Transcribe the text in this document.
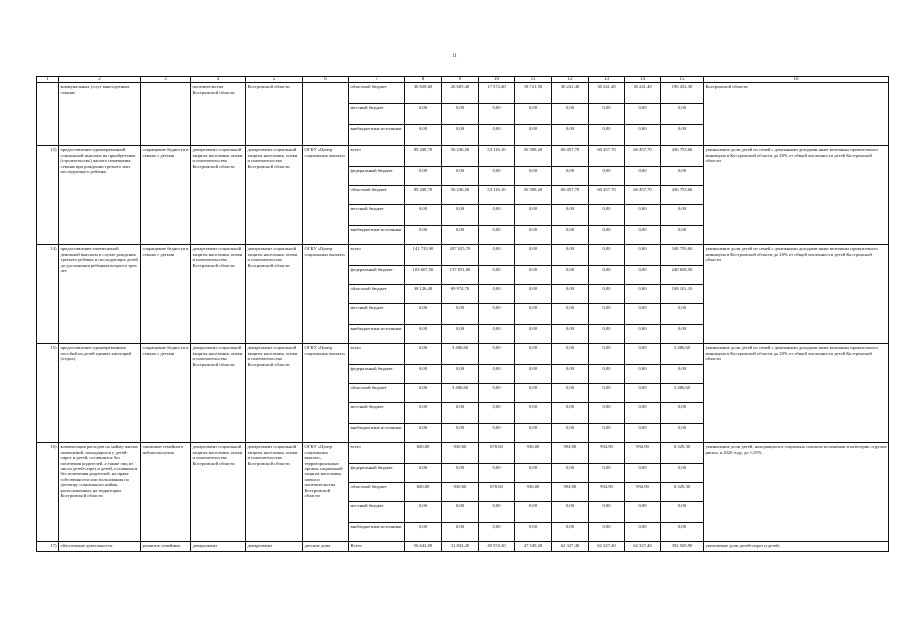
11
1	2	3	4	5	6	7	8	9	10	11	12	13	14	15	16
	коммунальных услуг многодетным семьям		попечительства Костромской области	Костромской области		областной бюджет	36 828,60	26 605,40	17 572,40	18 721,50	30 241,40	30 241,40	30 241,40	190 452,30	Костромской области
						местный бюджет	0,00	0,00	0,00	0,00	0,00	0,00	0,00	0,00	
						внебюджетные источники	0,00	0,00	0,00	0,00	0,00	0,00	0,00	0,00	
13)	предоставление единовременной социальной выплаты на приобретение (строительство) жилого помещения семьям при рождении третьего или последующего ребенка	сокращение бедности в семьях с детьми	департамент социальной защиты населения, опеки и попечительства Костромской области	департамент социальной защиты населения, опеки и попечительства Костромской области	ОГКУ «Центр социальных выплат»	всего	89 438,70	56 236,50	53 116,10	56 589,20	60 457,70	60 457,70	60 457,70	436 753,60	уменьшение доли детей из семей с денежными доходами ниже величины прожиточного минимума в Костромской области до 20% от общей численности детей Костромской области
						федеральный бюджет	0,00	0,00	0,00	0,00	0,00	0,00	0,00	0,00	
						областной бюджет	89 438,70	56 236,50	53 116,10	56 589,20	60 457,70	60 457,70	60 457,70	436 753,60	
						местный бюджет	0,00	0,00	0,00	0,00	0,00	0,00	0,00	0,00	
						внебюджетные источники	0,00	0,00	0,00	0,00	0,00	0,00	0,00	0,00	
14)	предоставление ежемесячной денежной выплаты в случае рождения третьего ребенка и последующих детей до достижения ребенком возраста трех лет	сокращение бедности в семьях с детьми	департамент социальной защиты населения, опеки и попечительства Костромской области	департамент социальной защиты населения, опеки и попечительства Костромской области	ОГКУ «Центр социальных выплат»	всего	141 733,90	207 025,70	0,00	0,00	0,00	0,00	0,00	348 759,60	уменьшение доли детей из семей с денежными доходами ниже величины прожиточного минимума в Костромской области до 20% от общей численности детей Костромской области
						федеральный бюджет	103 607,50	137 051,00	0,00	0,00	0,00	0,00	0,00	240 658,50	
						областной бюджет	38 126,40	69 974,70	0,00	0,00	0,00	0,00	0,00	108 101,10	
						местный бюджет	0,00	0,00	0,00	0,00	0,00	0,00	0,00	0,00	
						внебюджетные источники	0,00	0,00	0,00	0,00	0,00	0,00	0,00	0,00	
15)	предоставление единовременных пособий на детей единых категорий (отдых)	сокращение бедности в семьях с детьми	департамент социальной защиты населения, опеки и попечительства Костромской области	департамент социальной защиты населения, опеки и попечительства Костромской области	ОГКУ «Центр социальных выплат»	всего	0,00	3 486,60	0,00	0,00	0,00	0,00	0,00	3 486,60	уменьшение доли детей из семей с денежными доходами ниже величины прожиточного минимума в Костромской области до 20% от общей численности детей Костромской области
						федеральный бюджет	0,00	0,00	0,00	0,00	0,00	0,00	0,00	0,00	
						областной бюджет	0,00	3 486,60	0,00	0,00	0,00	0,00	0,00	3 486,60	
						местный бюджет	0,00	0,00	0,00	0,00	0,00	0,00	0,00	0,00	
						внебюджетные источники	0,00	0,00	0,00	0,00	0,00	0,00	0,00	0,00	
16)	компенсация расходов по найму жилых помещений, находящихся у детей-сирот и детей, оставшихся без попечения родителей, а также лиц из числа детей-сирот и детей, оставшихся без попечения родителей, на праве собственности или пользования по договору социального найма, расположенных на территории Костромской области	снижение семейного неблагополучия	департамент социальной защиты населения, опеки и попечительства Костромской области	департамент социальной защиты населения, опеки и попечительства Костромской области	ОГКУ «Центр социальных выплат», территориальные органы социальной защиты населения, опеки и попечительства Костромской области	всего	600,00	930,00	878,60	936,00	994,90	994,90	994,90	6 329,30	уменьшение доли детей, находящихся в социально опасном положении и категории «группа риска» в 2020 году, до 1,05%
						федеральный бюджет	0,00	0,00	0,00	0,00	0,00	0,00	0,00	0,00	
						областной бюджет	600,00	930,00	878,60	936,00	994,90	994,90	994,90	6 329,30	
						местный бюджет	0,00	0,00	0,00	0,00	0,00	0,00	0,00	0,00	
						внебюджетные источники	0,00	0,00	0,00	0,00	0,00	0,00	0,00	0,00	
17)	обеспечение деятельности	развитие семейных	департамент	департамент	детские дома	Всего	56 642,00	31 843,20	49 553,30	47 549,20	62 327,40	62 327,40	62 327,40	392 569,90	увеличение доли детей-сирот и детей,
